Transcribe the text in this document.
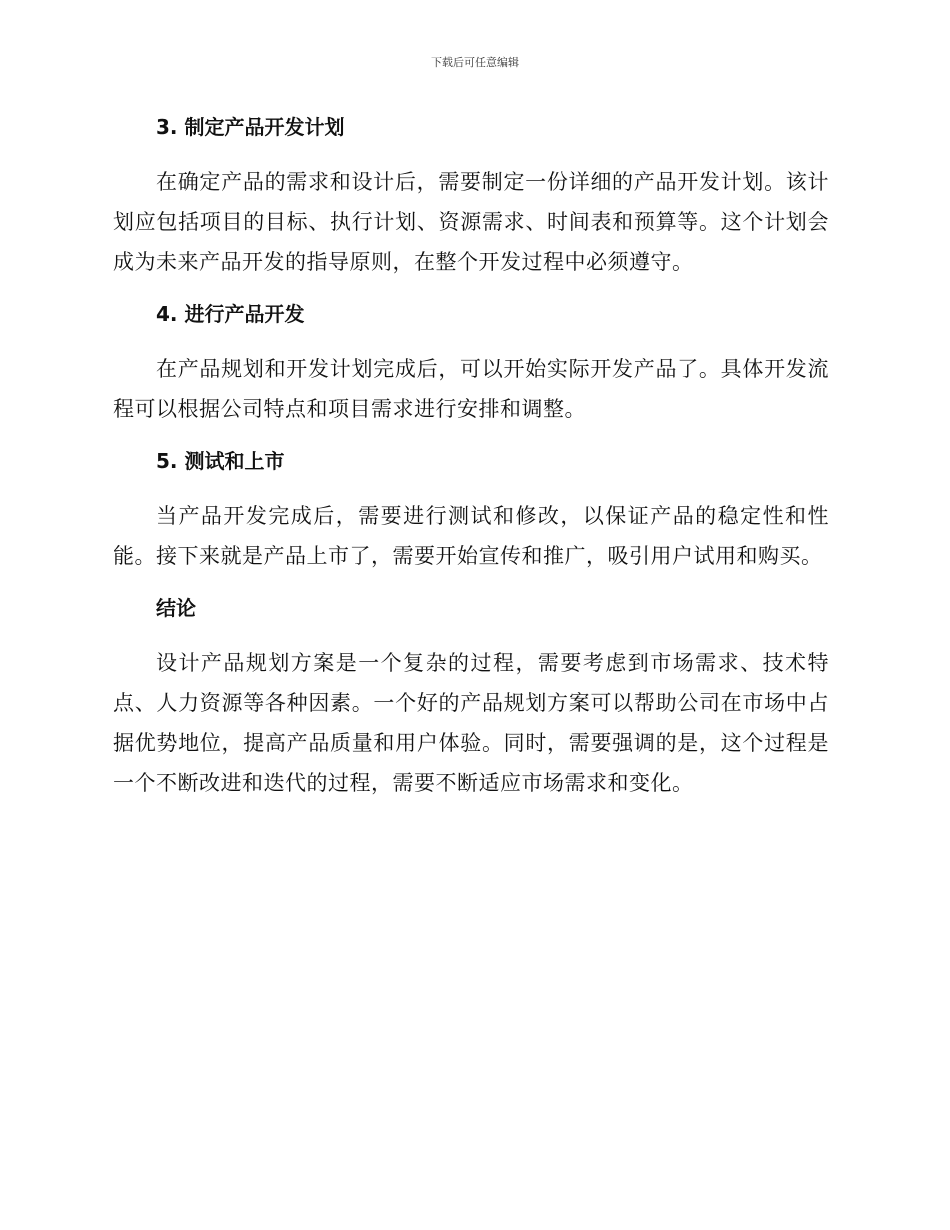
下载后可任意编辑
3. 制定产品开发计划

在确定产品的需求和设计后，需要制定一份详细的产品开发计划。该计划应包括项目的目标、执行计划、资源需求、时间表和预算等。这个计划会成为未来产品开发的指导原则，在整个开发过程中必须遵守。

4. 进行产品开发

在产品规划和开发计划完成后，可以开始实际开发产品了。具体开发流程可以根据公司特点和项目需求进行安排和调整。

5. 测试和上市

当产品开发完成后，需要进行测试和修改，以保证产品的稳定性和性能。接下来就是产品上市了，需要开始宣传和推广，吸引用户试用和购买。

结论

设计产品规划方案是一个复杂的过程，需要考虑到市场需求、技术特点、人力资源等各种因素。一个好的产品规划方案可以帮助公司在市场中占据优势地位，提高产品质量和用户体验。同时，需要强调的是，这个过程是一个不断改进和迭代的过程，需要不断适应市场需求和变化。
